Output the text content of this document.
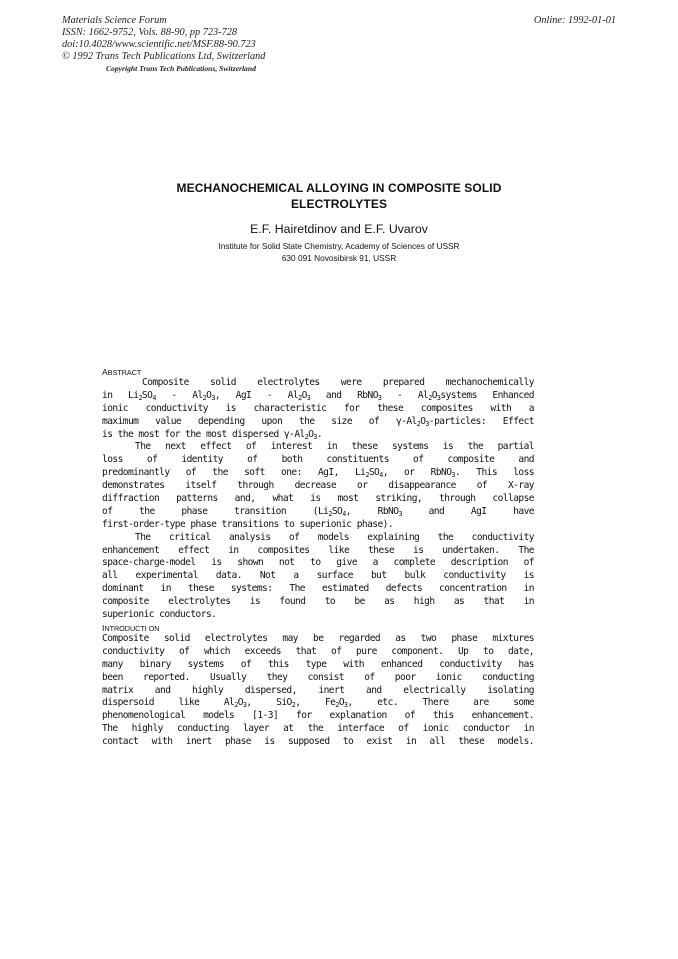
Materials Science Forum
ISSN: 1662-9752, Vols. 88-90, pp 723-728
doi:10.4028/www.scientific.net/MSF.88-90.723
© 1992 Trans Tech Publications Ltd, Switzerland
Online: 1992-01-01
Copyright Trans Tech Publications, Switzerland
MECHANOCHEMICAL ALLOYING IN COMPOSITE SOLID
ELECTROLYTES
E.F. Hairetdinov and E.F. Uvarov
Institute for Solid State Chemistry, Academy of Sciences of USSR
630 091 Novosibirsk 91, USSR
ABSTRACT
Composite solid electrolytes were prepared mechanochemically
in $Li_2SO_4 - Al_2O_3$, AgI - $Al_2O_3$ and RbNO$_3$ - $Al_2O_3systems$ Enhanced
ionic conductivity is characteristic for these composites with a
maximum value depending upon the size of $\gamma-Al_2O_3$-particles: Effect
is the most for the most dispersed $\gamma-Al_2O_3$.
The next effect of interest in these systems is the partial
loss of identity of both constituents of composite and
predominantly of the soft one: AgI, $Li_2SO_4$, or RbNO$_3$. This loss
demonstrates itself through decrease or disappearance of X-ray
diffraction patterns and, what is most striking, through collapse
of the phase transition ($Li_2SO_4$, RbNO$_3$ and AgI have
first-order-type phase transitions to superionic phase).
The critical analysis of models explaining the conductivity
enhancement effect in composites like these is undertaken. The
space-charge-model is shown not to give a complete description of
all experimental data. Not a surface but bulk conductivity is
dominant in these systems: The estimated defects concentration in
composite electrolytes is found to be as high as that in
superionic conductors.
INTRODUCTI ON
Composite solid electrolytes may be regarded as two phase mixtures
conductivity of which exceeds that of pure component. Up to date,
many binary systems of this type with enhanced conductivity has
been reported. Usually they consist of poor ionic conducting
matrix and highly dispersed, inert and electrically isolating
dispersoid like $Al_2O_3$, SiO$_2$, $Fe_2O_3$, etc. There are some
phenomenological models [1-3] for explanation of this enhancement.
The highly conducting layer at the interface of ionic conductor in
contact with inert phase is supposed to exist in all these models.
